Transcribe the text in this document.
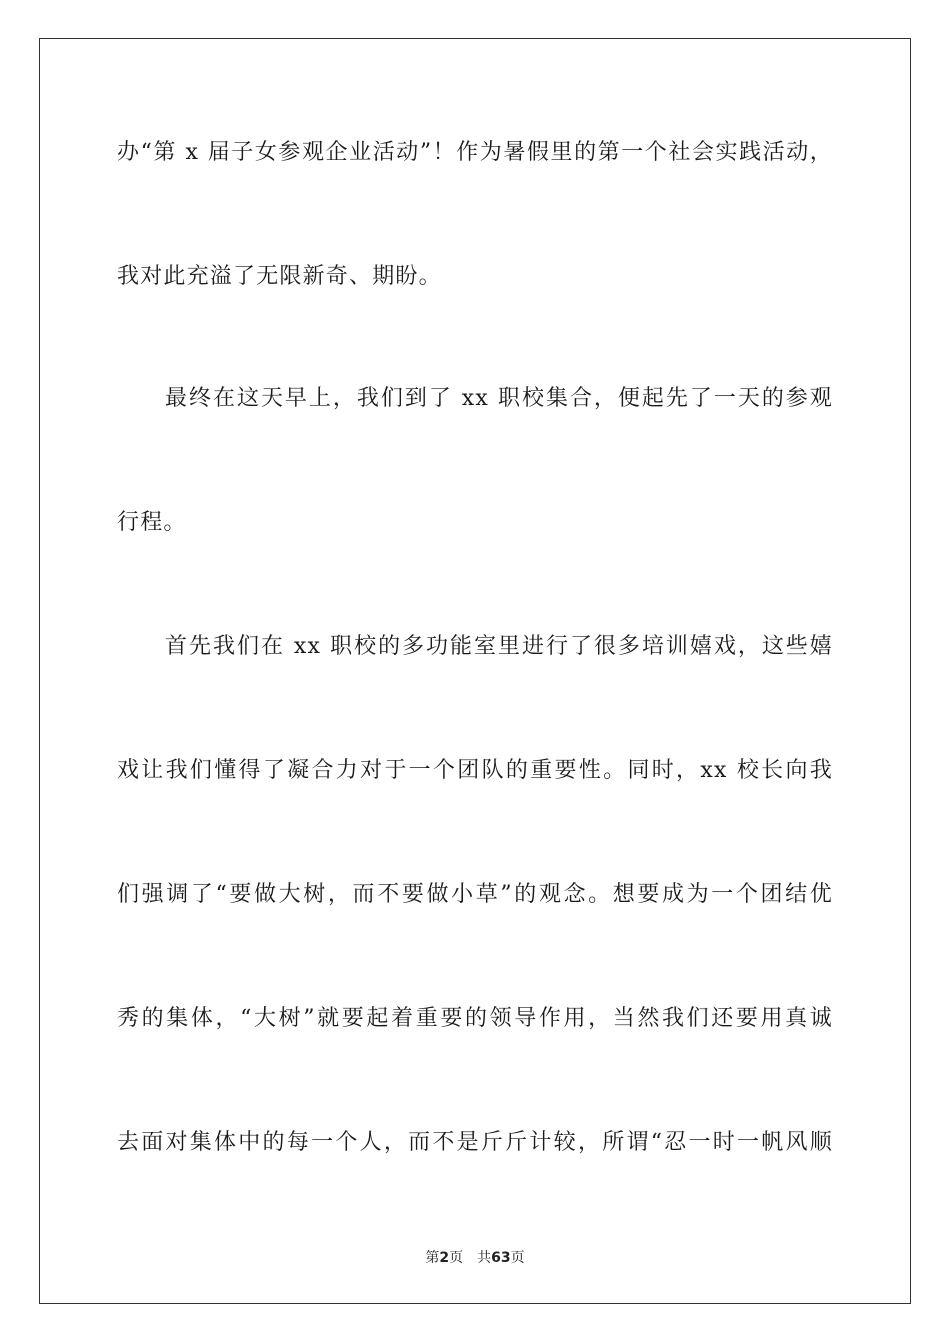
办“第 x 届子女参观企业活动”！作为暑假里的第一个社会实践活动，
我对此充溢了无限新奇、期盼。
最终在这天早上，我们到了 xx 职校集合，便起先了一天的参观
行程。
首先我们在 xx 职校的多功能室里进行了很多培训嬉戏，这些嬉
戏让我们懂得了凝合力对于一个团队的重要性。同时，xx 校长向我
们强调了“要做大树，而不要做小草”的观念。想要成为一个团结优
秀的集体，“大树”就要起着重要的领导作用，当然我们还要用真诚
去面对集体中的每一个人，而不是斤斤计较，所谓“忍一时一帆风顺
第2页 共63页
